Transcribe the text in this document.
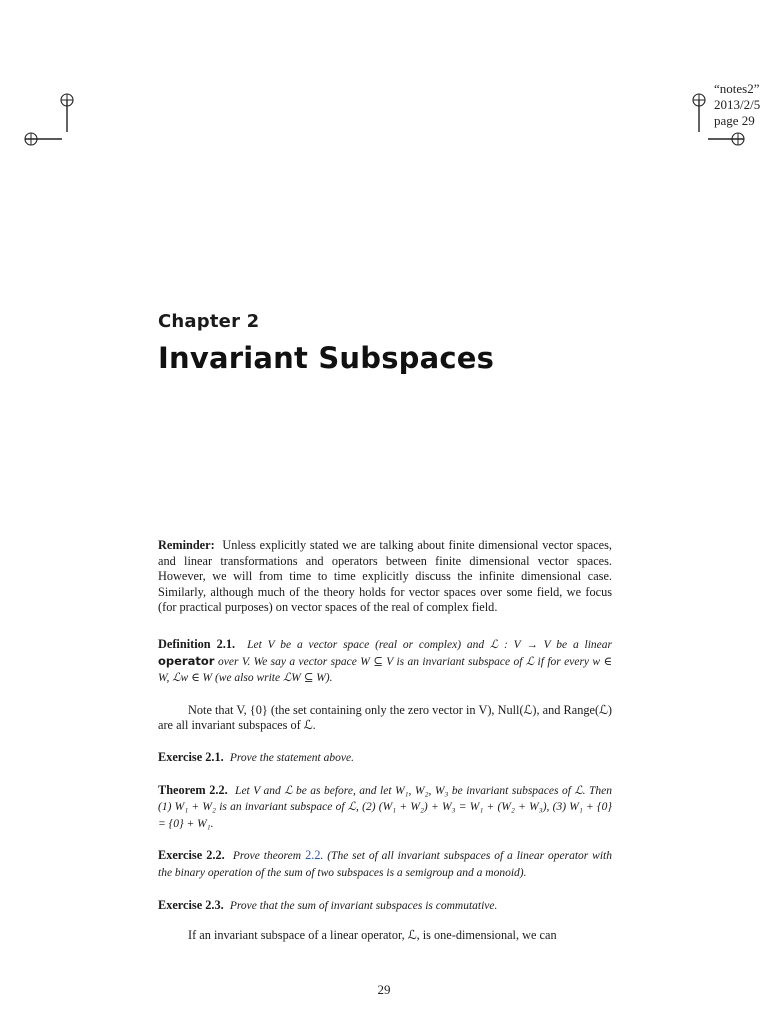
“notes2”
2013/2/5
page 29
Chapter 2
Invariant Subspaces

Reminder: Unless explicitly stated we are talking about finite dimensional vector spaces, and linear transformations and operators between finite dimensional vector spaces. However, we will from time to time explicitly discuss the infinite dimensional case. Similarly, although much of the theory holds for vector spaces over some field, we focus (for practical purposes) on vector spaces of the real of complex field.

Definition 2.1. Let V be a vector space (real or complex) and ℒ : V → V be a linear operator over V. We say a vector space W ⊆ V is an invariant subspace of ℒ if for every w ∈ W, ℒw ∈ W (we also write ℒW ⊆ W).

Note that V, {0} (the set containing only the zero vector in V), Null(ℒ), and Range(ℒ) are all invariant subspaces of ℒ.

Exercise 2.1. Prove the statement above.

Theorem 2.2. Let V and ℒ be as before, and let W₁, W₂, W₃ be invariant subspaces of ℒ. Then (1) W₁ + W₂ is an invariant subspace of ℒ, (2) (W₁ + W₂) + W₃ = W₁ + (W₂ + W₃), (3) W₁ + {0} = {0} + W₁.

Exercise 2.2. Prove theorem 2.2. (The set of all invariant subspaces of a linear operator with the binary operation of the sum of two subspaces is a semigroup and a monoid).

Exercise 2.3. Prove that the sum of invariant subspaces is commutative.

If an invariant subspace of a linear operator, ℒ, is one-dimensional, we can

29
